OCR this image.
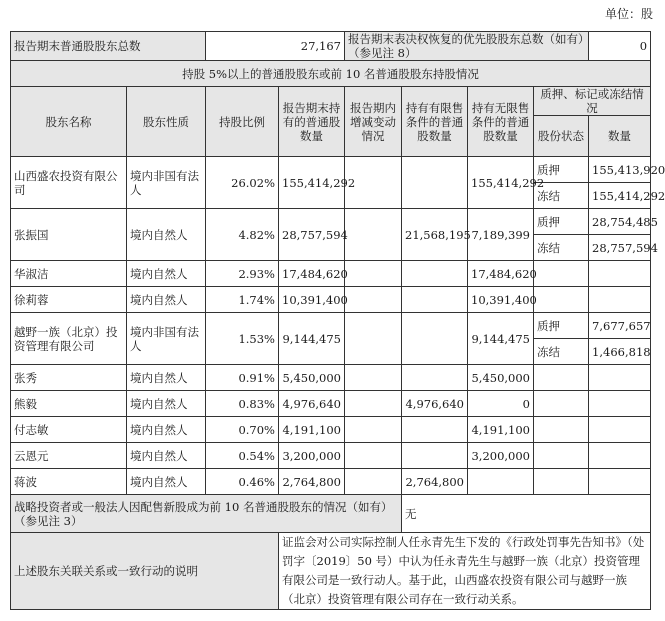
单位：股
报告期末普通股股东总数		27,167		报告期末表决权恢复的优先股股东总数（如有）（参见注 8）				0
持股 5%以上的普通股股东或前 10 名普通股股东持股情况								
股东名称	股东性质	持股比例	报告期末持有的普通股数量	报告期内增减变动情况	持有有限售条件的普通股数量	持有无限售条件的普通股数量	质押、标记或冻结情况	
							股份状态	数量
山西盛农投资有限公司	境内非国有法人	26.02%	155,414,292			155,414,292	质押	155,413,920
							冻结	155,414,292
张振国	境内自然人	4.82%	28,757,594		21,568,195	7,189,399	质押	28,754,485
							冻结	28,757,594
华淑洁	境内自然人	2.93%	17,484,620			17,484,620		
徐莉蓉	境内自然人	1.74%	10,391,400			10,391,400		
越野一族（北京）投资管理有限公司	境内非国有法人	1.53%	9,144,475			9,144,475	质押	7,677,657
							冻结	1,466,818
张秀	境内自然人	0.91%	5,450,000			5,450,000		
熊毅	境内自然人	0.83%	4,976,640		4,976,640	0		
付志敏	境内自然人	0.70%	4,191,100			4,191,100		
云恩元	境内自然人	0.54%	3,200,000			3,200,000		
蒋波	境内自然人	0.46%	2,764,800		2,764,800			
战略投资者或一般法人因配售新股成为前 10 名普通股股东的情况（如有）（参见注 3）					无			
上述股东关联关系或一致行动的说明			证监会对公司实际控制人任永青先生下发的《行政处罚事先告知书》（处罚字〔2019〕50 号）中认为任永青先生与越野一族（北京）投资管理有限公司是一致行动人。基于此，山西盛农投资有限公司与越野一族（北京）投资管理有限公司存在一致行动关系。					
